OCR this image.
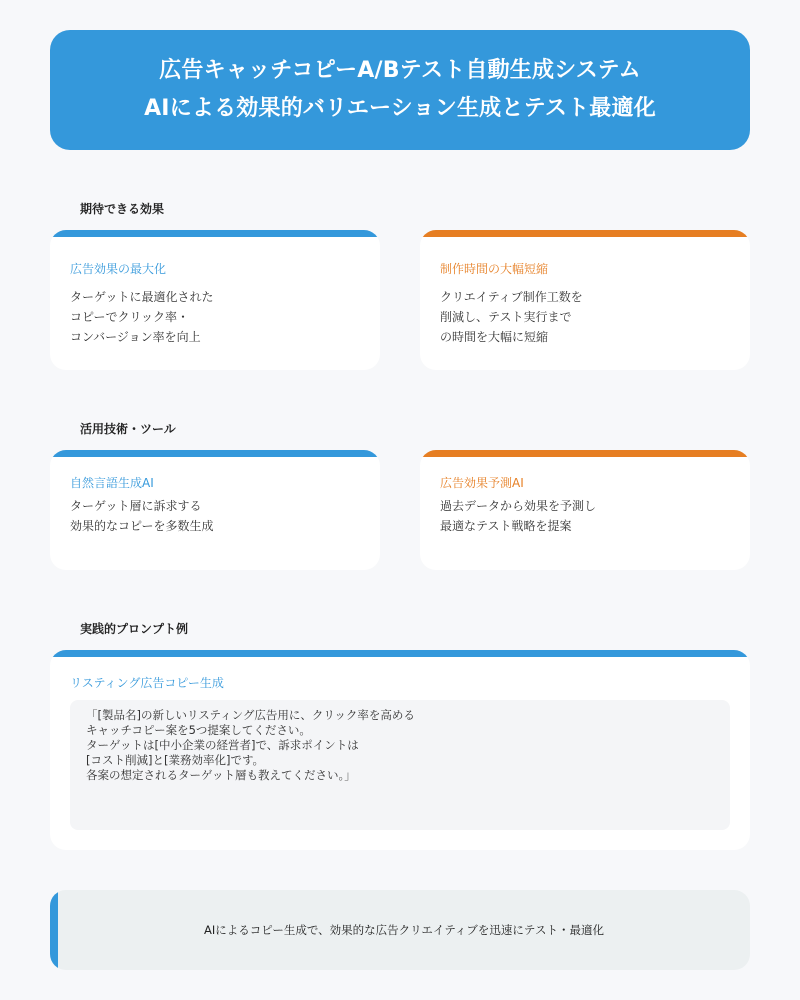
広告キャッチコピーA/Bテスト自動生成システム
AIによる効果的バリエーション生成とテスト最適化
期待できる効果
広告効果の最大化
ターゲットに最適化された
コピーでクリック率・
コンバージョン率を向上
制作時間の大幅短縮
クリエイティブ制作工数を
削減し、テスト実行まで
の時間を大幅に短縮
活用技術・ツール
自然言語生成AI
ターゲット層に訴求する
効果的なコピーを多数生成
広告効果予測AI
過去データから効果を予測し
最適なテスト戦略を提案
実践的プロンプト例
リスティング広告コピー生成
「[製品名]の新しいリスティング広告用に、クリック率を高める
キャッチコピー案を5つ提案してください。
ターゲットは[中小企業の経営者]で、訴求ポイントは
[コスト削減]と[業務効率化]です。
各案の想定されるターゲット層も教えてください。」
AIによるコピー生成で、効果的な広告クリエイティブを迅速にテスト・最適化
